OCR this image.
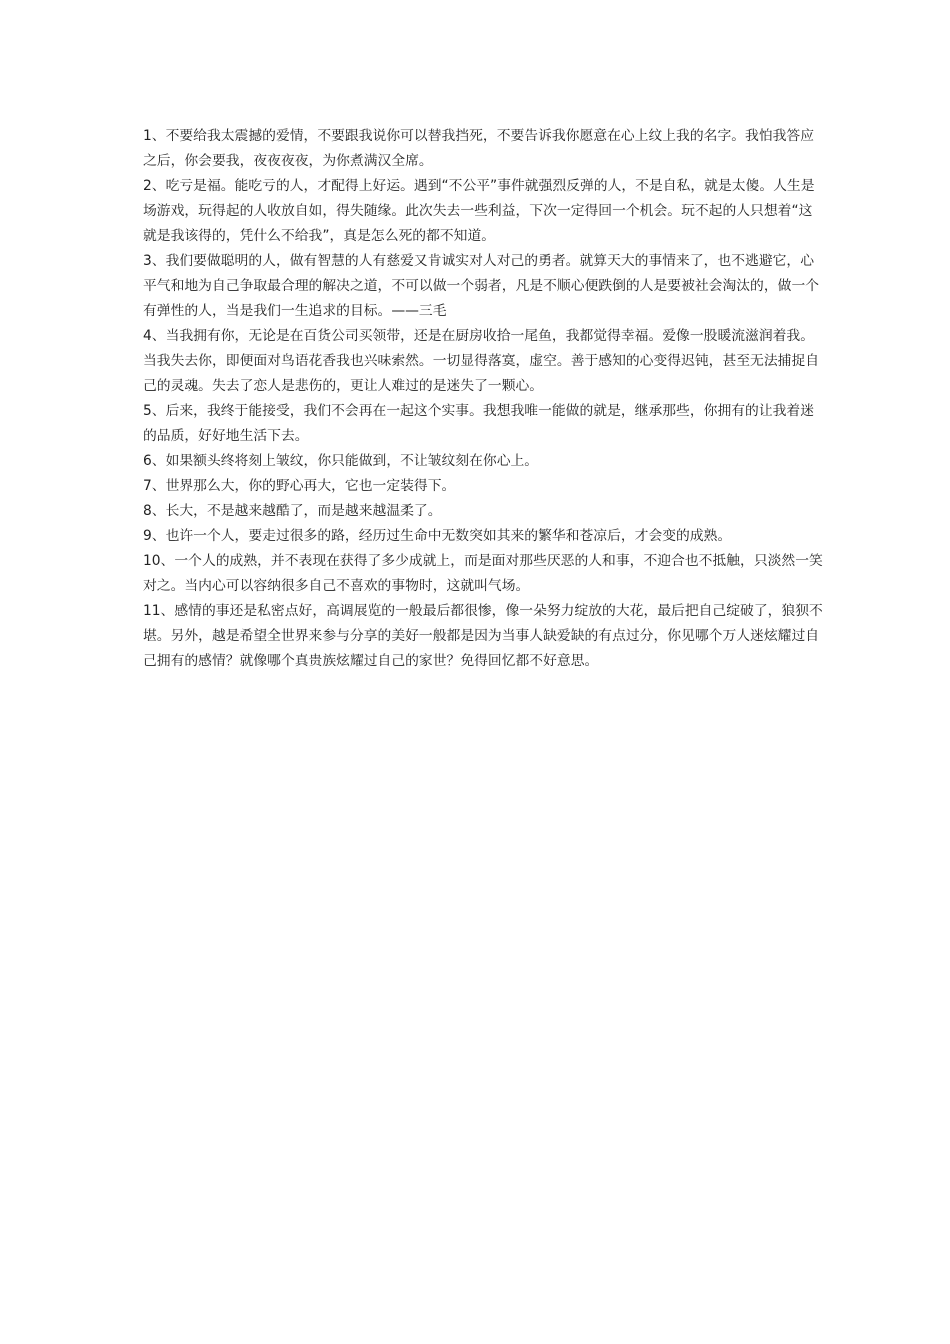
1、不要给我太震撼的爱情，不要跟我说你可以替我挡死，不要告诉我你愿意在心上纹上我的名字。我怕我答应之后，你会要我，夜夜夜夜，为你煮满汉全席。

2、吃亏是福。能吃亏的人，才配得上好运。遇到“不公平”事件就强烈反弹的人，不是自私，就是太傻。人生是场游戏，玩得起的人收放自如，得失随缘。此次失去一些利益，下次一定得回一个机会。玩不起的人只想着“这就是我该得的，凭什么不给我”，真是怎么死的都不知道。

3、我们要做聪明的人，做有智慧的人有慈爱又肯诚实对人对己的勇者。就算天大的事情来了，也不逃避它，心平气和地为自己争取最合理的解决之道，不可以做一个弱者，凡是不顺心便跌倒的人是要被社会淘汰的，做一个有弹性的人，当是我们一生追求的目标。——三毛

4、当我拥有你，无论是在百货公司买领带，还是在厨房收拾一尾鱼，我都觉得幸福。爱像一股暖流滋润着我。当我失去你，即便面对鸟语花香我也兴味索然。一切显得落寞，虚空。善于感知的心变得迟钝，甚至无法捕捉自己的灵魂。失去了恋人是悲伤的，更让人难过的是迷失了一颗心。

5、后来，我终于能接受，我们不会再在一起这个实事。我想我唯一能做的就是，继承那些，你拥有的让我着迷的品质，好好地生活下去。

6、如果额头终将刻上皱纹，你只能做到，不让皱纹刻在你心上。

7、世界那么大，你的野心再大，它也一定装得下。

8、长大，不是越来越酷了，而是越来越温柔了。

9、也许一个人，要走过很多的路，经历过生命中无数突如其来的繁华和苍凉后，才会变的成熟。

10、一个人的成熟，并不表现在获得了多少成就上，而是面对那些厌恶的人和事，不迎合也不抵触，只淡然一笑对之。当内心可以容纳很多自己不喜欢的事物时，这就叫气场。

11、感情的事还是私密点好，高调展览的一般最后都很惨，像一朵努力绽放的大花，最后把自己绽破了，狼狈不堪。另外，越是希望全世界来参与分享的美好一般都是因为当事人缺爱缺的有点过分，你见哪个万人迷炫耀过自己拥有的感情？就像哪个真贵族炫耀过自己的家世？免得回忆都不好意思。
